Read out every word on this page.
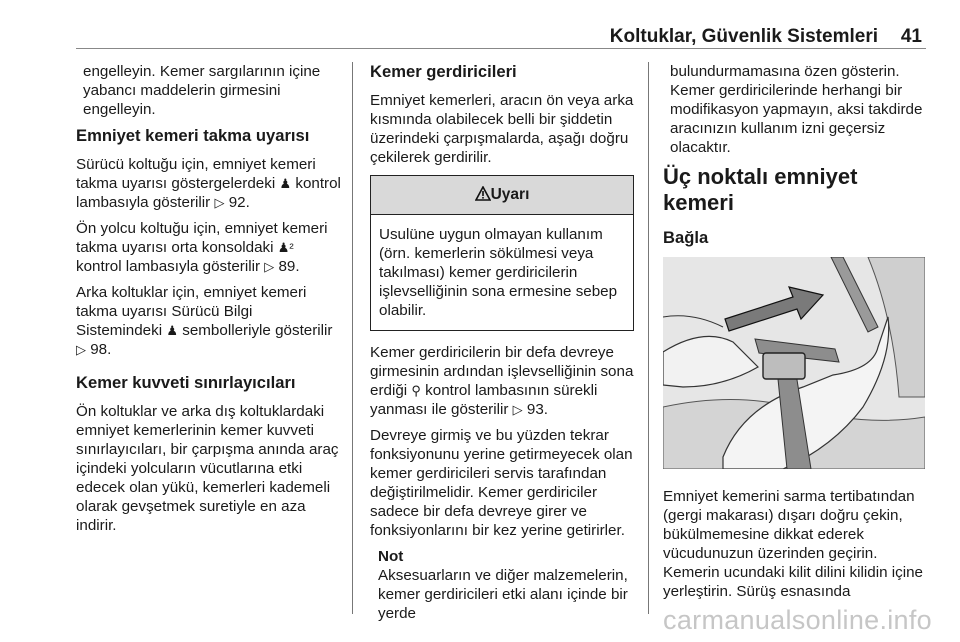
Koltuklar, Güvenlik Sistemleri 41

engelleyin. Kemer sargılarının içine yabancı maddelerin girmesini engelleyin.

Emniyet kemeri takma uyarısı

Sürücü koltuğu için, emniyet kemeri takma uyarısı göstergelerdeki ♟ kontrol lambasıyla gösterilir ▷ 92.

Ön yolcu koltuğu için, emniyet kemeri takma uyarısı orta konsoldaki ♟² kontrol lambasıyla gösterilir ▷ 89.

Arka koltuklar için, emniyet kemeri takma uyarısı Sürücü Bilgi Sistemindeki ♟ sembolleriyle gösterilir ▷ 98.

Kemer kuvveti sınırlayıcıları

Ön koltuklar ve arka dış koltuklardaki emniyet kemerlerinin kemer kuvveti sınırlayıcıları, bir çarpışma anında araç içindeki yolcuların vücutlarına etki edecek olan yükü, kemerleri kademeli olarak gevşetmek suretiyle en aza indirir.

Kemer gerdiricileri

Emniyet kemerleri, aracın ön veya arka kısmında olabilecek belli bir şiddetin üzerindeki çarpışmalarda, aşağı doğru çekilerek gerdirilir.

Uyarı
Usulüne uygun olmayan kullanım (örn. kemerlerin sökülmesi veya takılması) kemer gerdiricilerin işlevselliğinin sona ermesine sebep olabilir.

Kemer gerdiricilerin bir defa devreye girmesinin ardından işlevselliğinin sona erdiği ⚲ kontrol lambasının sürekli yanması ile gösterilir ▷ 93.

Devreye girmiş ve bu yüzden tekrar fonksiyonunu yerine getirmeyecek olan kemer gerdiricileri servis tarafından değiştirilmelidir. Kemer gerdiriciler sadece bir defa devreye girer ve fonksiyonlarını bir kez yerine getirirler.

Not
Aksesuarların ve diğer malzemelerin, kemer gerdiricileri etki alanı içinde bir yerde

bulundurmamasına özen gösterin. Kemer gerdiricilerinde herhangi bir modifikasyon yapmayın, aksi takdirde aracınızın kullanım izni geçersiz olacaktır.

Üç noktalı emniyet kemeri
Bağla

Emniyet kemerini sarma tertibatından (gergi makarası) dışarı doğru çekin, bükülmemesine dikkat ederek vücudunuzun üzerinden geçirin. Kemerin ucundaki kilit dilini kilidin içine yerleştirin. Sürüş esnasında

carmanualsonline.info
